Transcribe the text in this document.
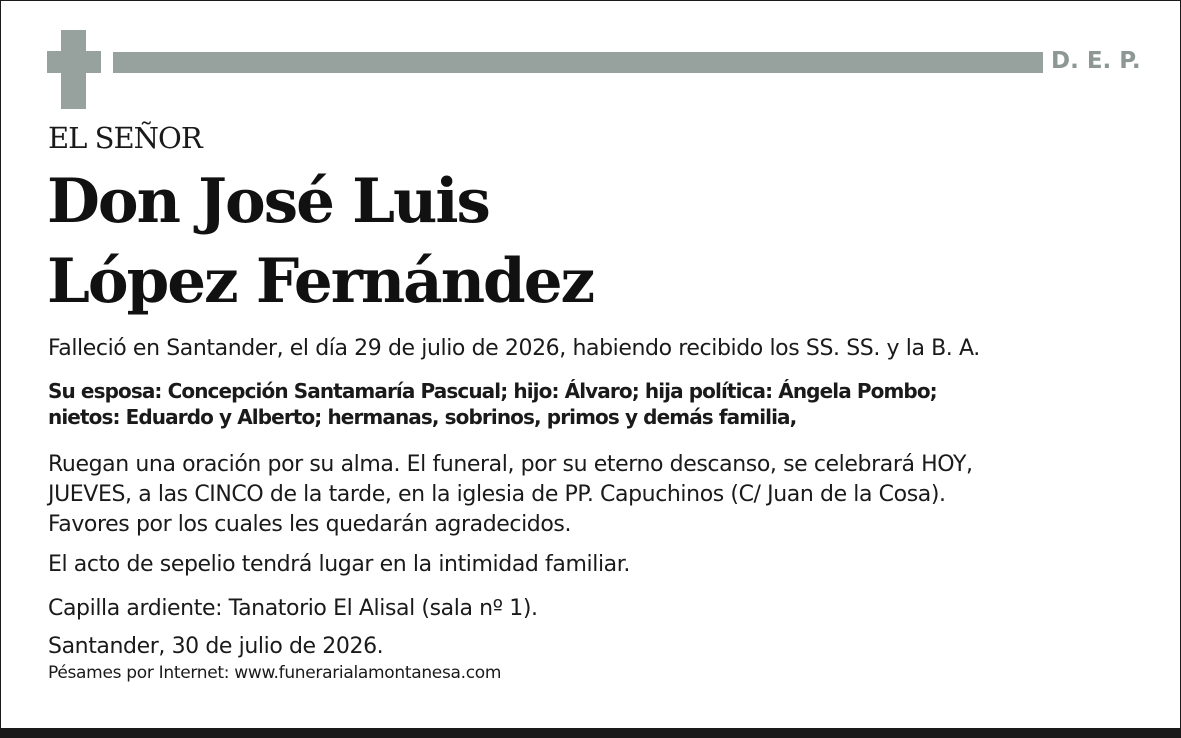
D. E. P.
EL SEÑOR
Don José Luis
López Fernández
Falleció en Santander, el día 29 de julio de 2026, habiendo recibido los SS. SS. y la B. A.
Su esposa: Concepción Santamaría Pascual; hijo: Álvaro; hija política: Ángela Pombo;
nietos: Eduardo y Alberto; hermanas, sobrinos, primos y demás familia,
Ruegan una oración por su alma. El funeral, por su eterno descanso, se celebrará HOY,
JUEVES, a las CINCO de la tarde, en la iglesia de PP. Capuchinos (C/ Juan de la Cosa).
Favores por los cuales les quedarán agradecidos.
El acto de sepelio tendrá lugar en la intimidad familiar.
Capilla ardiente: Tanatorio El Alisal (sala nº 1).
Santander, 30 de julio de 2026.
Pésames por Internet: www.funerarialamontanesa.com
